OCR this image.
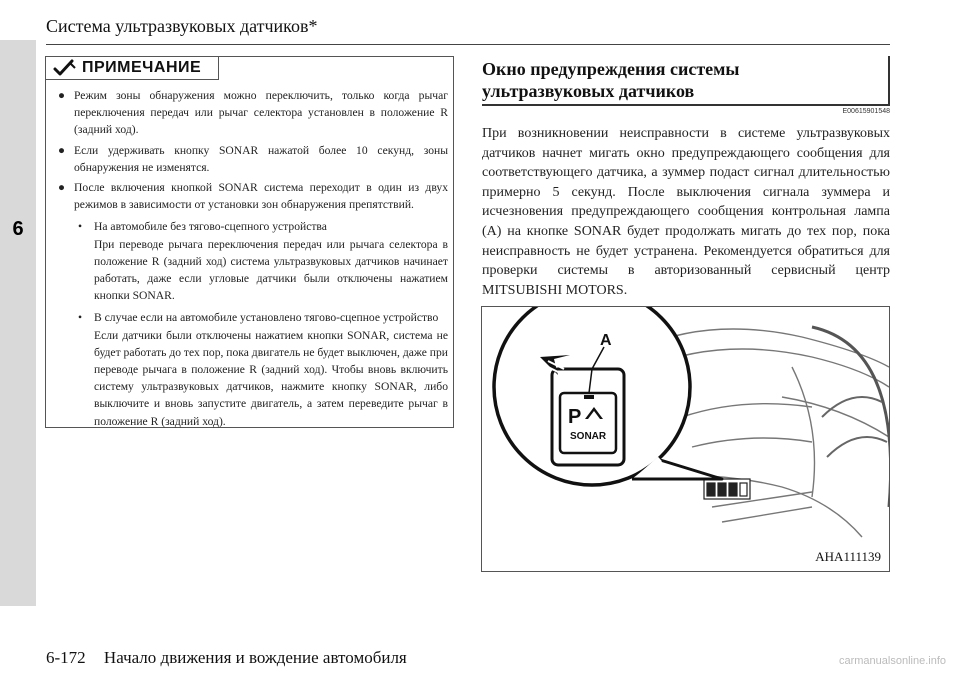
6
Система ультразвуковых датчиков*
ПРИМЕЧАНИЕ
● Режим зоны обнаружения можно переключить, только когда рычаг переключения передач или рычаг селектора установлен в положение R (задний ход).
● Если удерживать кнопку SONAR нажатой более 10 секунд, зоны обнаружения не изменятся.
● После включения кнопкой SONAR система переходит в один из двух режимов в зависимости от установки зон обнаружения препятствий.
•	На автомобиле без тягово-сцепного устройства
При переводе рычага переключения передач или рычага селектора в положение R (задний ход) система ультразвуковых датчиков начинает работать, даже если угловые датчики были отключены нажатием кнопки SONAR.
•	В случае если на автомобиле установлено тягово-сцепное устройство
Если датчики были отключены нажатием кнопки SONAR, система не будет работать до тех пор, пока двигатель не будет выключен, даже при переводе рычага в положение R (задний ход). Чтобы вновь включить систему ультразвуковых датчиков, нажмите кнопку SONAR, либо выключите и вновь запустите двигатель, а затем переведите рычаг в положение R (задний ход).
Окно предупреждения системы
ультразвуковых датчиков
E00615901548
При возникновении неисправности в системе ультразвуковых датчиков начнет мигать окно предупреждающего сообщения для соответствующего датчика, а зуммер подаст сигнал длительностью примерно 5 секунд. После выключения сигнала зуммера и исчезновения предупреждающего сообщения контрольная лампа (A) на кнопке SONAR будет продолжать мигать до тех пор, пока неисправность не будет устранена. Рекомендуется обратиться для проверки системы в авторизованный сервисный центр MITSUBISHI MOTORS.
A
P
SONAR
AHA111139
6-172 Начало движения и вождение автомобиля	carmanualsonline.info
